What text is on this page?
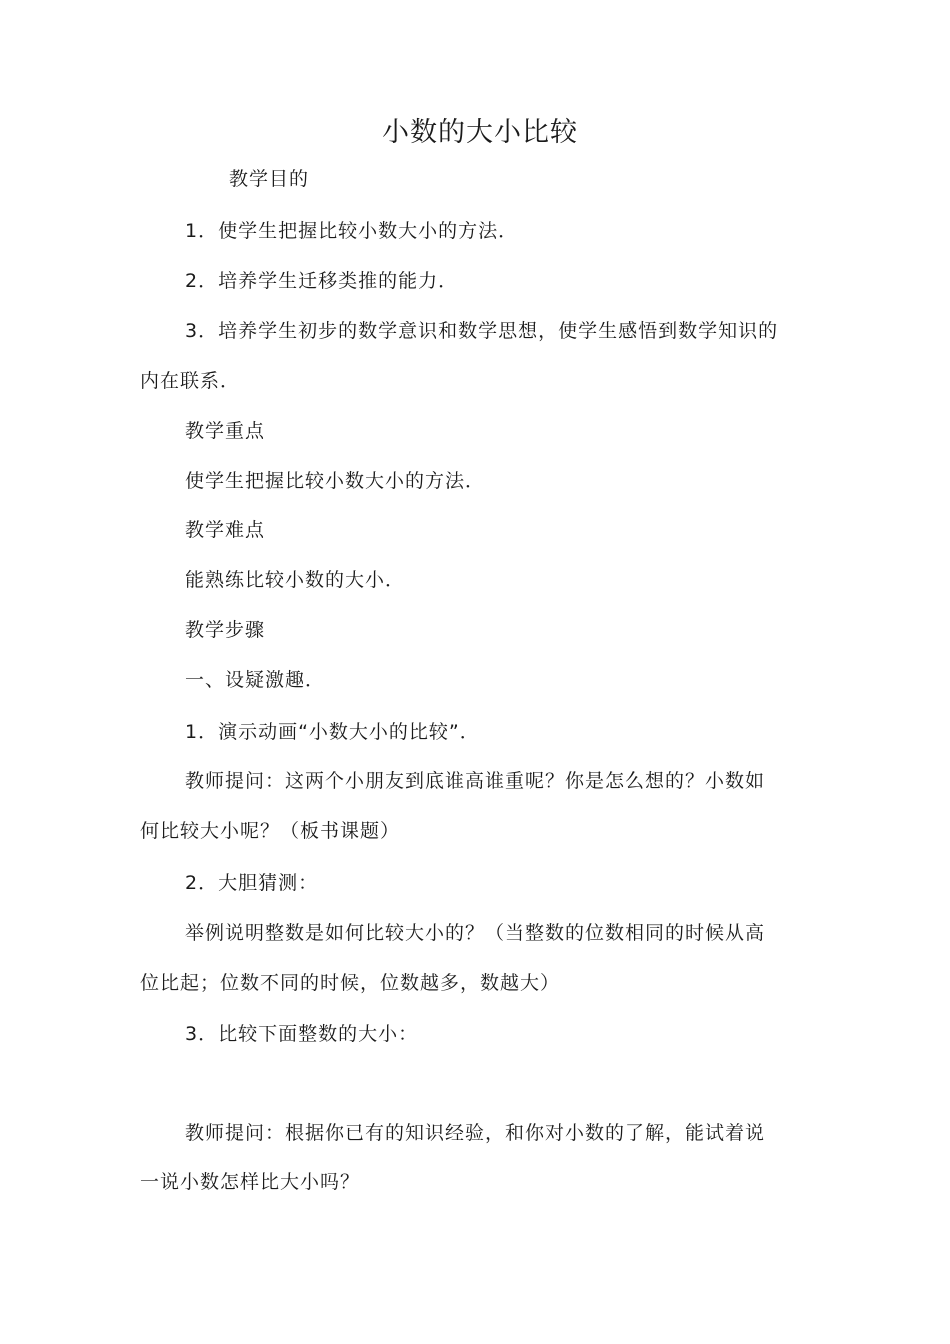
小数的大小比较
教学目的
1．使学生把握比较小数大小的方法．
2．培养学生迁移类推的能力．
3．培养学生初步的数学意识和数学思想，使学生感悟到数学知识的
内在联系．
教学重点
使学生把握比较小数大小的方法．
教学难点
能熟练比较小数的大小．
教学步骤
一、设疑激趣．
1．演示动画“小数大小的比较”．
教师提问：这两个小朋友到底谁高谁重呢？你是怎么想的？小数如
何比较大小呢？（板书课题）
2．大胆猜测：
举例说明整数是如何比较大小的？（当整数的位数相同的时候从高
位比起；位数不同的时候，位数越多，数越大）
3．比较下面整数的大小：
教师提问：根据你已有的知识经验，和你对小数的了解，能试着说
一说小数怎样比大小吗？
